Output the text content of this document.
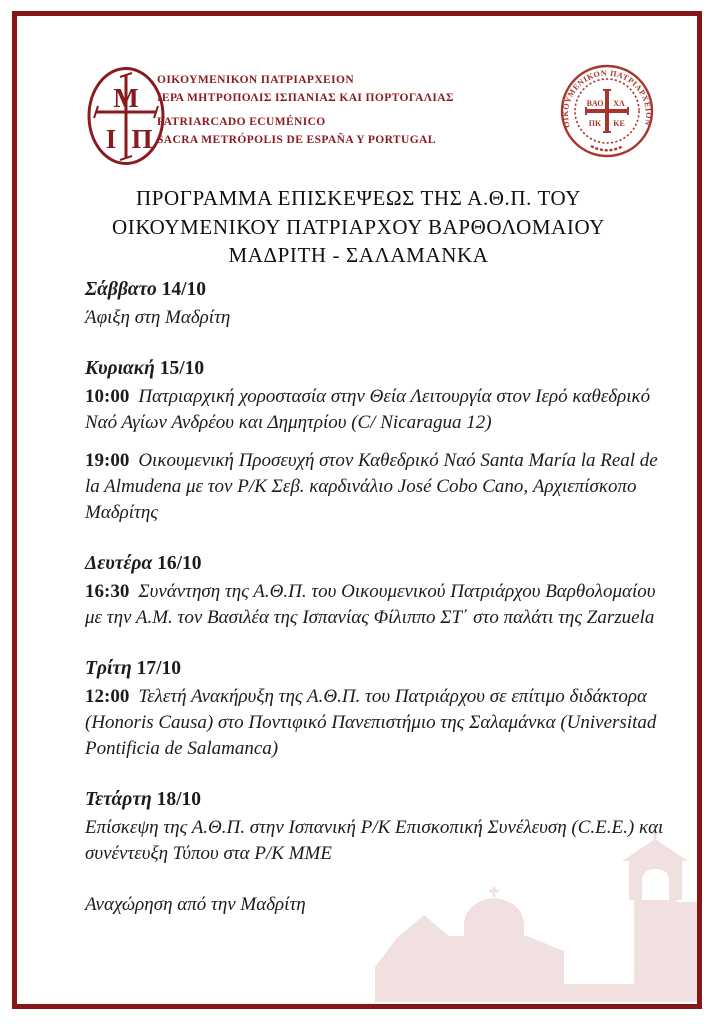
Μ
Ι Π
ΟΙΚΟΥΜΕΝΙΚΟΝ ΠΑΤΡΙΑΡΧΕΙΟΝ
ΙΕΡΑ ΜΗΤΡΟΠΟΛΙΣ ΙΣΠΑΝΙΑΣ ΚΑΙ ΠΟΡΤΟΓΑΛΙΑΣ
PATRIARCADO ECUMÉNICO
SACRA METRÓPOLIS DE ESPAÑA Y PORTUGAL
ΟΙΚΟΥΜΕΝΙΚΟΝ ΠΑΤΡΙΑΡΧΕΙΟΝ
ΒΑΟ ΧΛ
ΠΚ ΚΕ
ΠΡΟΓΡΑΜΜΑ ΕΠΙΣΚΕΨΕΩΣ ΤΗΣ Α.Θ.Π. ΤΟΥ
ΟΙΚΟΥΜΕΝΙΚΟΥ ΠΑΤΡΙΑΡΧΟΥ ΒΑΡΘΟΛΟΜΑΙΟΥ
ΜΑΔΡΙΤΗ - ΣΑΛΑΜΑΝΚΑ
Σάββατο 14/10

Άφιξη στη Μαδρίτη

Κυριακή 15/10

10:00 Πατριαρχική χοροστασία στην Θεία Λειτουργία στον Ιερό καθεδρικό Ναό Αγίων Ανδρέου και Δημητρίου (C/ Nicaragua 12)

19:00 Οικουμενική Προσευχή στον Καθεδρικό Ναό Santa María la Real de la Almudena με τον Ρ/Κ Σεβ. καρδινάλιο José Cobo Cano, Αρχιεπίσκοπο Μαδρίτης

Δευτέρα 16/10

16:30 Συνάντηση της Α.Θ.Π. του Οικουμενικού Πατριάρχου Βαρθολομαίου με την Α.Μ. τον Βασιλέα της Ισπανίας Φίλιππο ΣΤ΄ στο παλάτι της Zarzuela

Τρίτη 17/10

12:00 Τελετή Ανακήρυξη της Α.Θ.Π. του Πατριάρχου σε επίτιμο διδάκτορα (Honoris Causa) στο Ποντιφικό Πανεπιστήμιο της Σαλαμάνκα (Universitad Pontificia de Salamanca)

Τετάρτη 18/10

Επίσκεψη της Α.Θ.Π. στην Ισπανική Ρ/Κ Επισκοπική Συνέλευση (C.E.E.) και συνέντευξη Τύπου στα Ρ/Κ ΜΜΕ

Αναχώρηση από την Μαδρίτη
